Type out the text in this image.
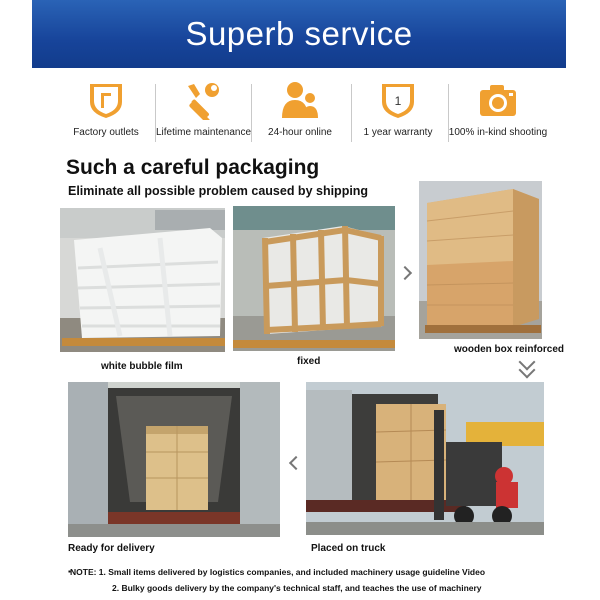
Superb service
Factory outlets	Lifetime maintenance	24-hour online
1
1 year warranty	100% in-kind shooting
Such a careful packaging
Eliminate all possible problem caused by shipping
white bubble film	fixed
wooden box reinforced
Ready for delivery	Placed on truck
NOTE: 1. Small items delivered by logistics companies, and included machinery usage guideline Video
2. Bulky goods delivery by the company's technical staff, and teaches the use of machinery
▪
